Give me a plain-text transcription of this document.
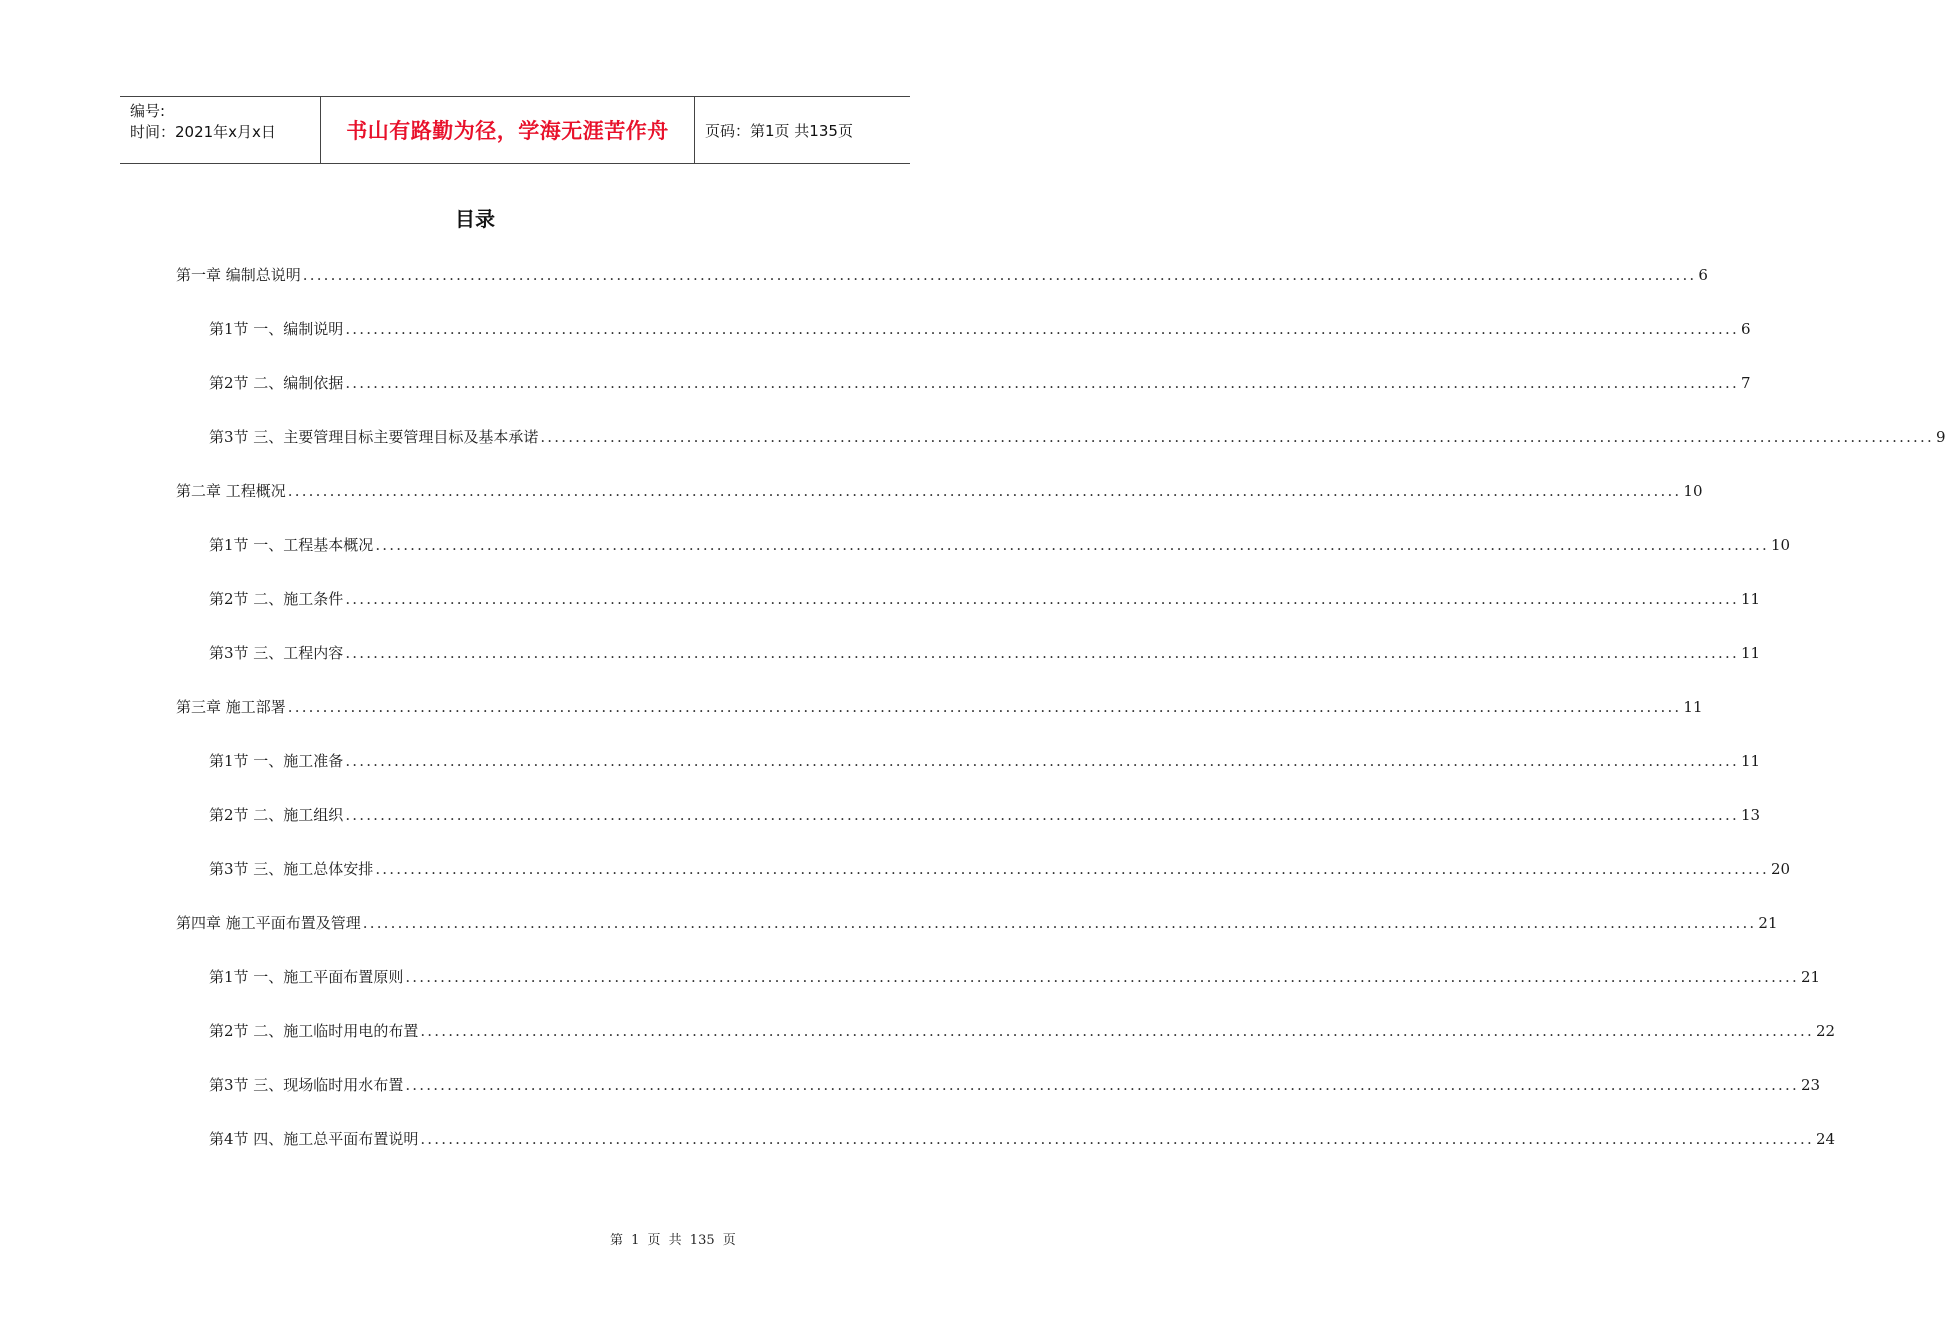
编号:
时间：2021年x月x日	书山有路勤为径，学海无涯苦作舟	页码：第1页 共135页
目录
第一章 编制总说明 ........................................................................................................................................................................................................ 6
第1节 一、编制说明 ........................................................................................................................................................................................................ 6
第2节 二、编制依据 ........................................................................................................................................................................................................ 7
第3节 三、主要管理目标主要管理目标及基本承诺 ........................................................................................................................................................................................................ 9
第二章 工程概况 ........................................................................................................................................................................................................ 10
第1节 一、工程基本概况 ........................................................................................................................................................................................................ 10
第2节 二、施工条件 ........................................................................................................................................................................................................ 11
第3节 三、工程内容 ........................................................................................................................................................................................................ 11
第三章 施工部署 ........................................................................................................................................................................................................ 11
第1节 一、施工准备 ........................................................................................................................................................................................................ 11
第2节 二、施工组织 ........................................................................................................................................................................................................ 13
第3节 三、施工总体安排 ........................................................................................................................................................................................................ 20
第四章 施工平面布置及管理 ........................................................................................................................................................................................................ 21
第1节 一、施工平面布置原则 ........................................................................................................................................................................................................ 21
第2节 二、施工临时用电的布置 ........................................................................................................................................................................................................ 22
第3节 三、现场临时用水布置 ........................................................................................................................................................................................................ 23
第4节 四、施工总平面布置说明 ........................................................................................................................................................................................................ 24
第 1 页 共 135 页
